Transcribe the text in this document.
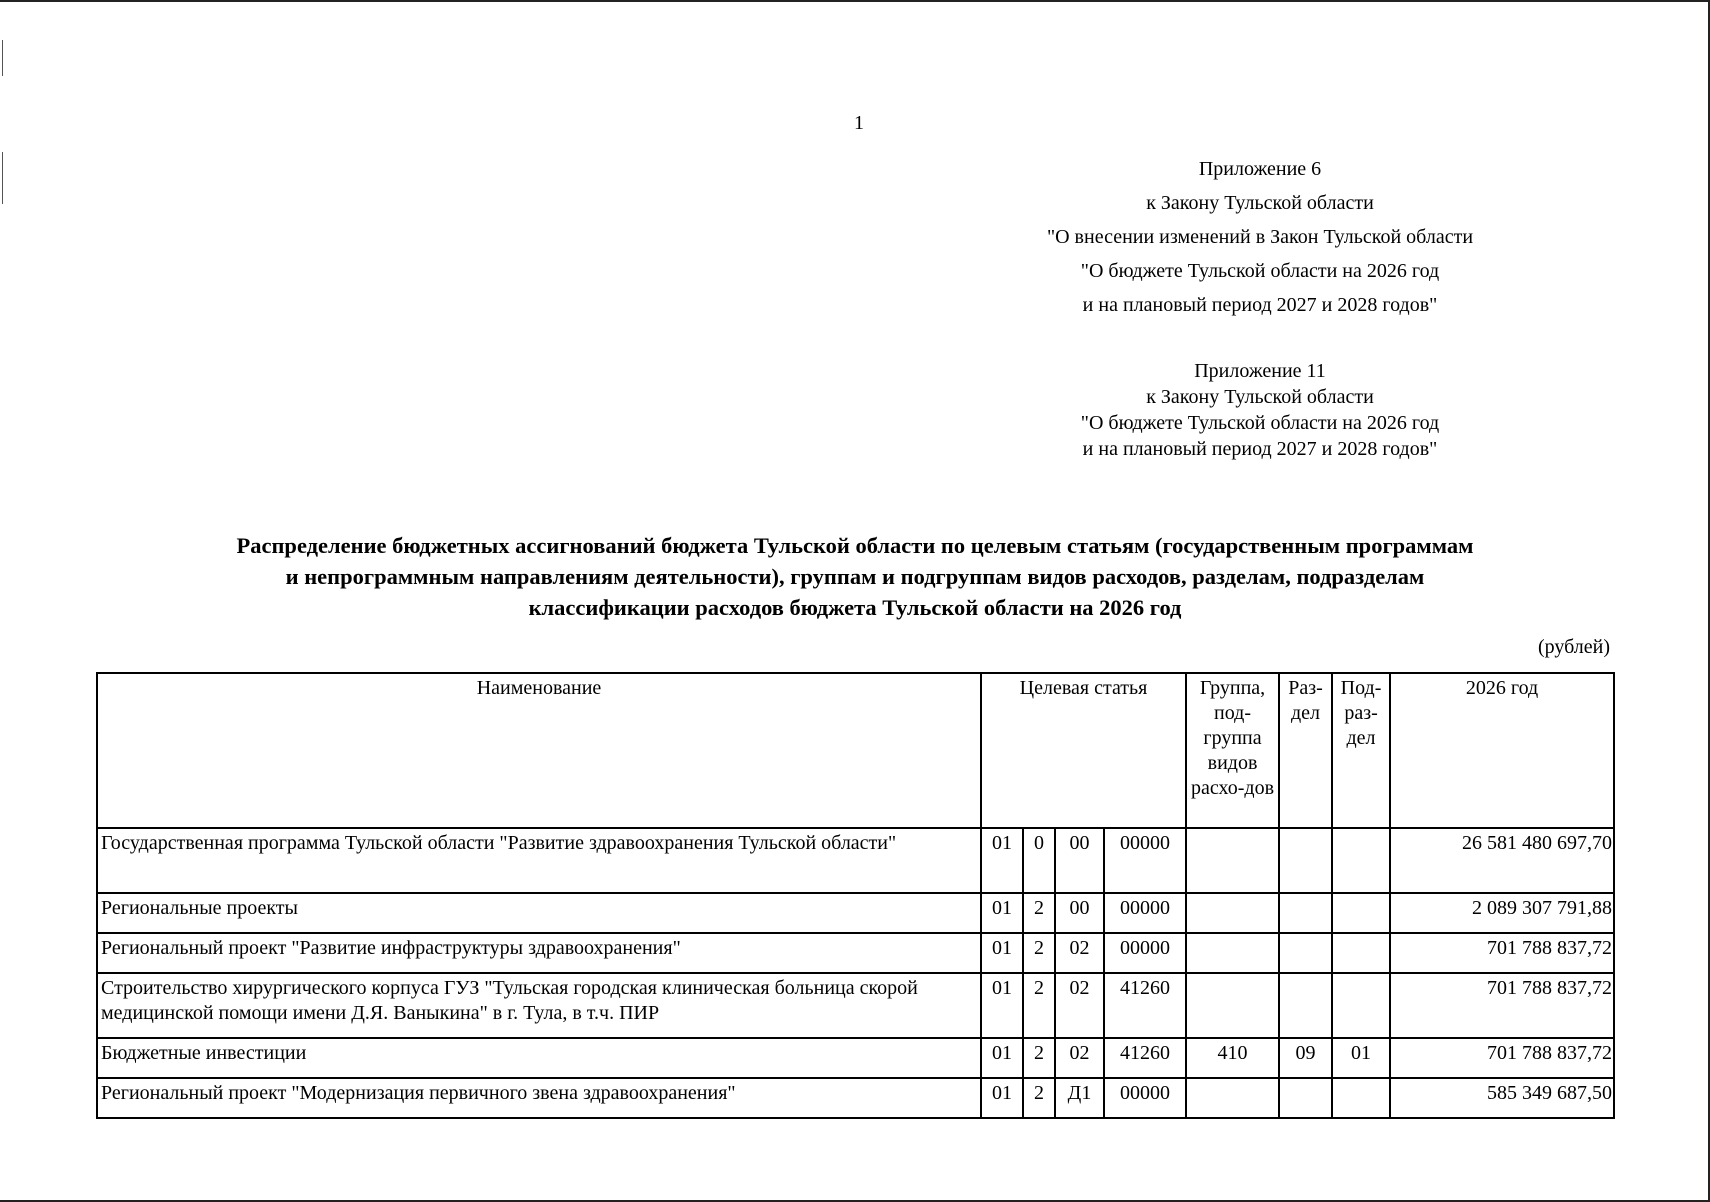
1
Приложение 6
к Закону Тульской области
"О внесении изменений в Закон Тульской области
"О бюджете Тульской области на 2026 год
и на плановый период 2027 и 2028 годов"
Приложение 11
к Закону Тульской области
"О бюджете Тульской области на 2026 год
и на плановый период 2027 и 2028 годов"
Распределение бюджетных ассигнований бюджета Тульской области по целевым статьям (государственным программам
и непрограммным направлениям деятельности), группам и подгруппам видов расходов, разделам, подразделам
классификации расходов бюджета Тульской области на 2026 год
(рублей)
Наименование	Целевая статья				Группа, под-группа видов расхо-дов	Раз-дел	Под-раз-дел	2026 год
Государственная программа Тульской области "Развитие здравоохранения Тульской области"	01	0	00	00000				26 581 480 697,70
Региональные проекты	01	2	00	00000				2 089 307 791,88
Региональный проект "Развитие инфраструктуры здравоохранения"	01	2	02	00000				701 788 837,72
Строительство хирургического корпуса ГУЗ "Тульская городская клиническая больница скорой медицинской помощи имени Д.Я. Ваныкина" в г. Тула, в т.ч. ПИР	01	2	02	41260				701 788 837,72
Бюджетные инвестиции	01	2	02	41260	410	09	01	701 788 837,72
Региональный проект "Модернизация первичного звена здравоохранения"	01	2	Д1	00000				585 349 687,50
